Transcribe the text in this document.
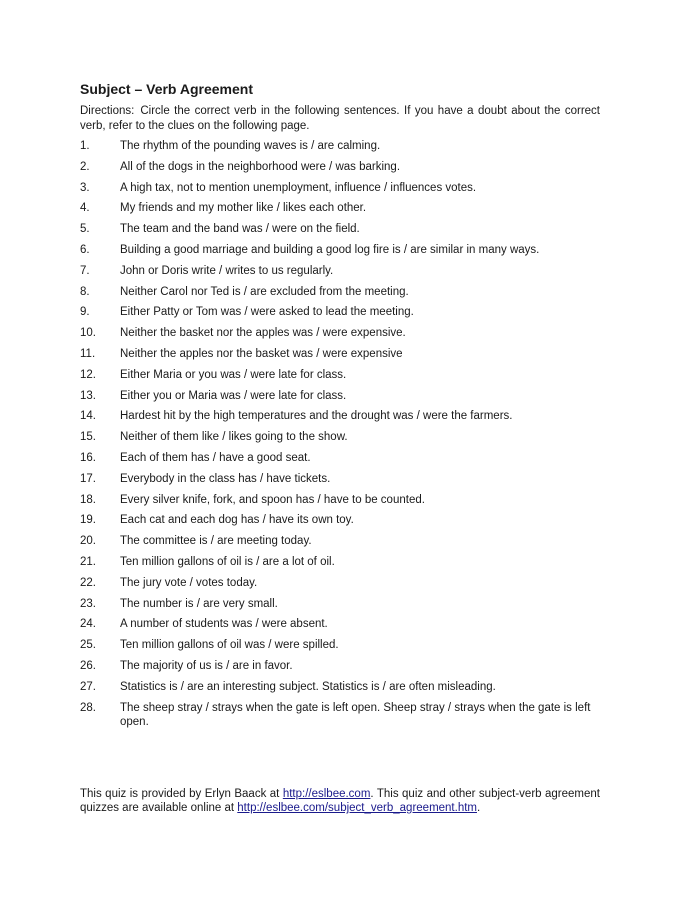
Subject – Verb Agreement

Directions: Circle the correct verb in the following sentences. If you have a doubt about the correct verb, refer to the clues on the following page.

1.	The rhythm of the pounding waves is / are calming.
2.	All of the dogs in the neighborhood were / was barking.
3.	A high tax, not to mention unemployment, influence / influences votes.
4.	My friends and my mother like / likes each other.
5.	The team and the band was / were on the field.
6.	Building a good marriage and building a good log fire is / are similar in many ways.
7.	John or Doris write / writes to us regularly.
8.	Neither Carol nor Ted is / are excluded from the meeting.
9.	Either Patty or Tom was / were asked to lead the meeting.
10.	Neither the basket nor the apples was / were expensive.
11.	Neither the apples nor the basket was / were expensive
12.	Either Maria or you was / were late for class.
13.	Either you or Maria was / were late for class.
14.	Hardest hit by the high temperatures and the drought was / were the farmers.
15.	Neither of them like / likes going to the show.
16.	Each of them has / have a good seat.
17.	Everybody in the class has / have tickets.
18.	Every silver knife, fork, and spoon has / have to be counted.
19.	Each cat and each dog has / have its own toy.
20.	The committee is / are meeting today.
21.	Ten million gallons of oil is / are a lot of oil.
22.	The jury vote / votes today.
23.	The number is / are very small.
24.	A number of students was / were absent.
25.	Ten million gallons of oil was / were spilled.
26.	The majority of us is / are in favor.
27.	Statistics is / are an interesting subject. Statistics is / are often misleading.
28.	The sheep stray / strays when the gate is left open. Sheep stray / strays when the gate is left open.

This quiz is provided by Erlyn Baack at http://eslbee.com. This quiz and other subject-verb agreement quizzes are available online at http://eslbee.com/subject_verb_agreement.htm.
